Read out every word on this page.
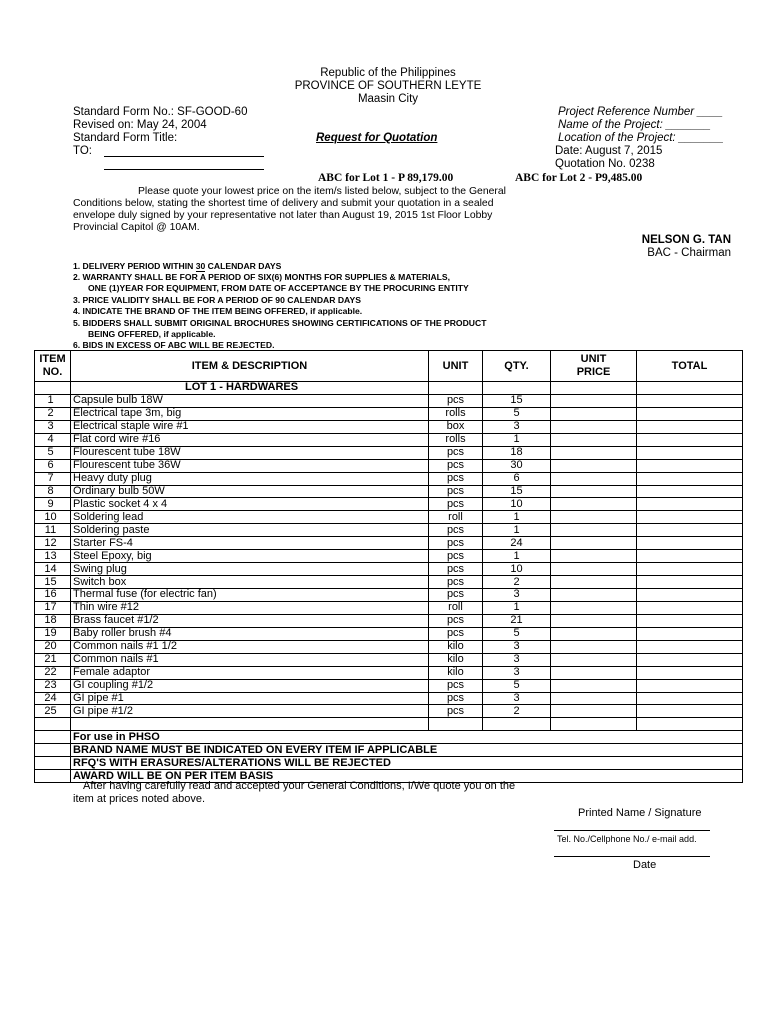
Republic of the Philippines
PROVINCE OF SOUTHERN LEYTE
Maasin City
Standard Form No.: SF-GOOD-60
Revised on: May 24, 2004
Standard Form Title:
TO:
Request for Quotation
Project Reference Number ____
Name of the Project: _______
Location of the Project: _______
Date: August 7, 2015
Quotation No. 0238
ABC for Lot 1 - P 89,179.00	ABC for Lot 2 - P9,485.00
Please quote your lowest price on the item/s listed below, subject to the General
Conditions below, stating the shortest time of delivery and submit your quotation in a sealed
envelope duly signed by your representative not later than August 19, 2015 1st Floor Lobby
Provincial Capitol @ 10AM.
NELSON G. TAN
BAC - Chairman
1. DELIVERY PERIOD WITHIN 30 CALENDAR DAYS
2. WARRANTY SHALL BE FOR A PERIOD OF SIX(6) MONTHS FOR SUPPLIES & MATERIALS,
ONE (1)YEAR FOR EQUIPMENT, FROM DATE OF ACCEPTANCE BY THE PROCURING ENTITY
3. PRICE VALIDITY SHALL BE FOR A PERIOD OF 90 CALENDAR DAYS
4. INDICATE THE BRAND OF THE ITEM BEING OFFERED, if applicable.
5. BIDDERS SHALL SUBMIT ORIGINAL BROCHURES SHOWING CERTIFICATIONS OF THE PRODUCT
BEING OFFERED, if applicable.
6. BIDS IN EXCESS OF ABC WILL BE REJECTED.
ITEM NO.	ITEM & DESCRIPTION	UNIT	QTY.	UNIT PRICE	TOTAL
	LOT 1 - HARDWARES				
1	Capsule bulb 18W	pcs	15		
2	Electrical tape 3m, big	rolls	5		
3	Electrical staple wire #1	box	3		
4	Flat cord wire #16	rolls	1		
5	Flourescent tube 18W	pcs	18		
6	Flourescent tube 36W	pcs	30		
7	Heavy duty plug	pcs	6		
8	Ordinary bulb 50W	pcs	15		
9	Plastic socket 4 x 4	pcs	10		
10	Soldering lead	roll	1		
11	Soldering paste	pcs	1		
12	Starter FS-4	pcs	24		
13	Steel Epoxy, big	pcs	1		
14	Swing plug	pcs	10		
15	Switch box	pcs	2		
16	Thermal fuse (for electric fan)	pcs	3		
17	Thin wire #12	roll	1		
18	Brass faucet #1/2	pcs	21		
19	Baby roller brush #4	pcs	5		
20	Common nails #1 1/2	kilo	3		
21	Common nails #1	kilo	3		
22	Female adaptor	kilo	3		
23	GI coupling #1/2	pcs	5		
24	GI pipe #1	pcs	3		
25	GI pipe #1/2	pcs	2		

	For use in PHSO				
	BRAND NAME MUST BE INDICATED ON EVERY ITEM IF APPLICABLE				
	RFQ'S WITH ERASURES/ALTERATIONS WILL BE REJECTED				
	AWARD WILL BE ON PER ITEM BASIS				
After having carefully read and accepted your General Conditions, I/We quote you on the
item at prices noted above.
Printed Name / Signature
Tel. No./Cellphone No./ e-mail add.
Date
